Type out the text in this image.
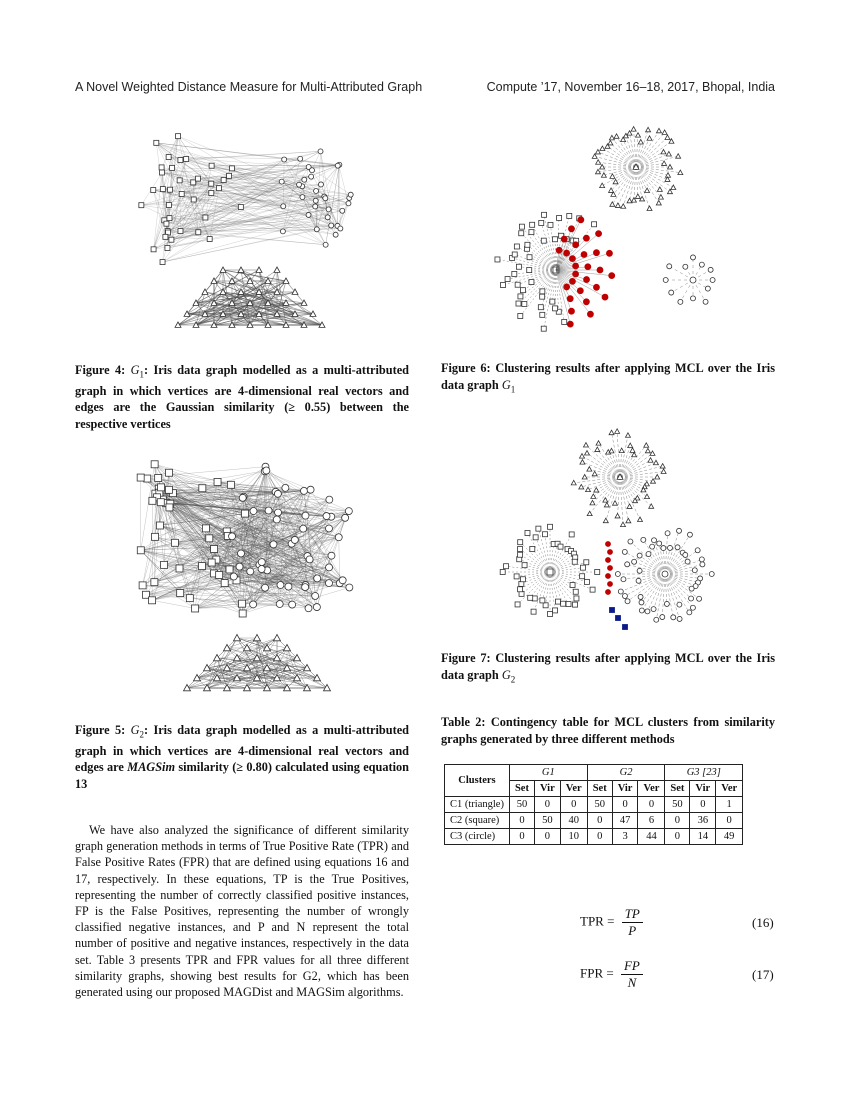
A Novel Weighted Distance Measure for Multi-Attributed Graph	Compute ’17, November 16–18, 2017, Bhopal, India
Figure 4: $G_1$: Iris data graph modelled as a multi-attributed graph in which vertices are 4-dimensional real vectors and edges are the Gaussian similarity (≥ 0.55) between the respective vertices
Figure 5: $G_2$: Iris data graph modelled as a multi-attributed graph in which vertices are 4-dimensional real vectors and edges are MAGSim similarity (≥ 0.80) calculated using equation 13
Figure 6: Clustering results after applying MCL over the Iris data graph $G_1$
Figure 7: Clustering results after applying MCL over the Iris data graph $G_2$
Table 2: Contingency table for MCL clusters from similarity graphs generated by three different methods
Clusters	G1			G2			G3 [23]		
	Set	Vir	Ver	Set	Vir	Ver	Set	Vir	Ver
C1 (triangle)	50	0	0	50	0	0	50	0	1
C2 (square)	0	50	40	0	47	6	0	36	0
C3 (circle)	0	0	10	0	3	44	0	14	49

We have also analyzed the significance of different similarity graph generation methods in terms of True Positive Rate (TPR) and False Positive Rates (FPR) that are defined using equations 16 and 17, respectively. In these equations, TP is the True Positives, representing the number of correctly classified positive instances, FP is the False Positives, representing the number of wrongly classified negative instances, and P and N represent the total number of positive and negative instances, respectively in the data set. Table 3 presents TPR and FPR values for all three different similarity graphs, showing best results for G2, which has been generated using our proposed MAGDist and MAGSim algorithms.

TPR = $\frac{TP}{P}$	(16)
FPR = $\frac{FP}{N}$	(17)
